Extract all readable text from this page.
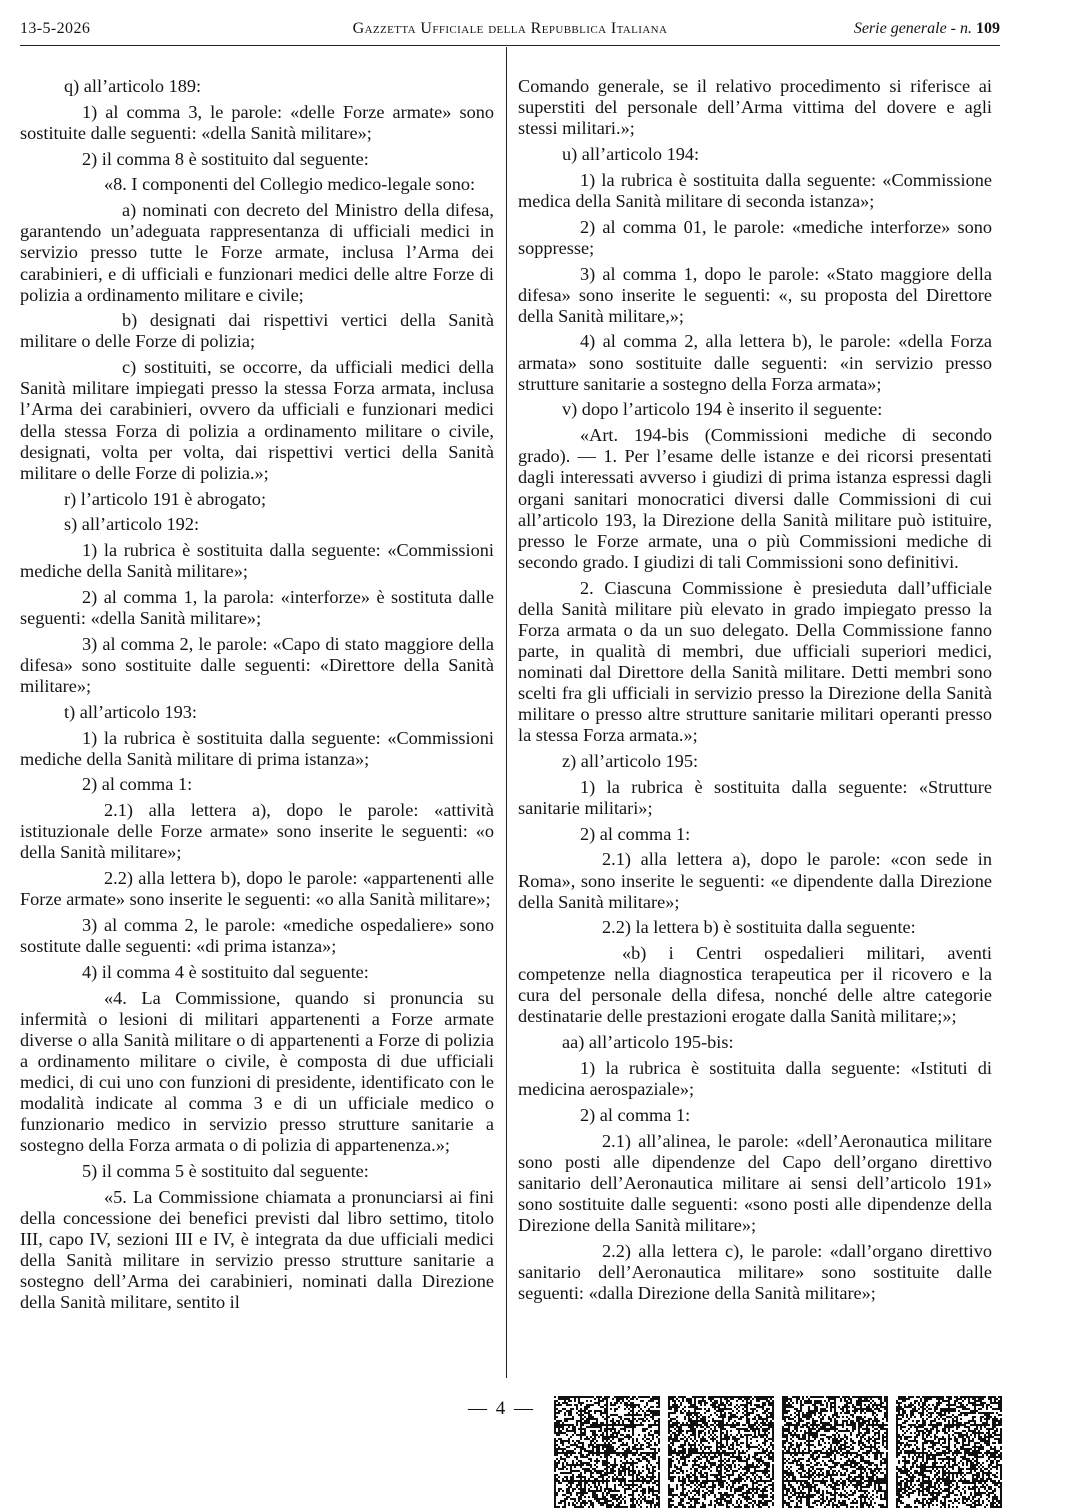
13-5-2026	Gazzetta Ufficiale della Repubblica Italiana	Serie generale - n. 109

q) all’articolo 189:

1) al comma 3, le parole: «delle Forze armate» sono sostituite dalle seguenti: «della Sanità militare»;

2) il comma 8 è sostituito dal seguente:

«8. I componenti del Collegio medico-legale sono:

a) nominati con decreto del Ministro della difesa, garantendo un’adeguata rappresentanza di ufficiali medici in servizio presso tutte le Forze armate, inclusa l’Arma dei carabinieri, e di ufficiali e funzionari medici delle altre Forze di polizia a ordinamento militare e civile;

b) designati dai rispettivi vertici della Sanità militare o delle Forze di polizia;

c) sostituiti, se occorre, da ufficiali medici della Sanità militare impiegati presso la stessa Forza armata, inclusa l’Arma dei carabinieri, ovvero da ufficiali e funzionari medici della stessa Forza di polizia a ordinamento militare o civile, designati, volta per volta, dai rispettivi vertici della Sanità militare o delle Forze di polizia.»;

r) l’articolo 191 è abrogato;

s) all’articolo 192:

1) la rubrica è sostituita dalla seguente: «Commissioni mediche della Sanità militare»;

2) al comma 1, la parola: «interforze» è sostituta dalle seguenti: «della Sanità militare»;

3) al comma 2, le parole: «Capo di stato maggiore della difesa» sono sostituite dalle seguenti: «Direttore della Sanità militare»;

t) all’articolo 193:

1) la rubrica è sostituita dalla seguente: «Commissioni mediche della Sanità militare di prima istanza»;

2) al comma 1:

2.1) alla lettera a), dopo le parole: «attività istituzionale delle Forze armate» sono inserite le seguenti: «o della Sanità militare»;

2.2) alla lettera b), dopo le parole: «appartenenti alle Forze armate» sono inserite le seguenti: «o alla Sanità militare»;

3) al comma 2, le parole: «mediche ospedaliere» sono sostitute dalle seguenti: «di prima istanza»;

4) il comma 4 è sostituito dal seguente:

«4. La Commissione, quando si pronuncia su infermità o lesioni di militari appartenenti a Forze armate diverse o alla Sanità militare o di appartenenti a Forze di polizia a ordinamento militare o civile, è composta di due ufficiali medici, di cui uno con funzioni di presidente, identificato con le modalità indicate al comma 3 e di un ufficiale medico o funzionario medico in servizio presso strutture sanitarie a sostegno della Forza armata o di polizia di appartenenza.»;

5) il comma 5 è sostituito dal seguente:

«5. La Commissione chiamata a pronunciarsi ai fini della concessione dei benefici previsti dal libro settimo, titolo III, capo IV, sezioni III e IV, è integrata da due ufficiali medici della Sanità militare in servizio presso strutture sanitarie a sostegno dell’Arma dei carabinieri, nominati dalla Direzione della Sanità militare, sentito il

Comando generale, se il relativo procedimento si riferisce ai superstiti del personale dell’Arma vittima del dovere e agli stessi militari.»;

u) all’articolo 194:

1) la rubrica è sostituita dalla seguente: «Commissione medica della Sanità militare di seconda istanza»;

2) al comma 01, le parole: «mediche interforze» sono soppresse;

3) al comma 1, dopo le parole: «Stato maggiore della difesa» sono inserite le seguenti: «, su proposta del Direttore della Sanità militare,»;

4) al comma 2, alla lettera b), le parole: «della Forza armata» sono sostituite dalle seguenti: «in servizio presso strutture sanitarie a sostegno della Forza armata»;

v) dopo l’articolo 194 è inserito il seguente:

«Art. 194-bis (Commissioni mediche di secondo grado). — 1. Per l’esame delle istanze e dei ricorsi presentati dagli interessati avverso i giudizi di prima istanza espressi dagli organi sanitari monocratici diversi dalle Commissioni di cui all’articolo 193, la Direzione della Sanità militare può istituire, presso le Forze armate, una o più Commissioni mediche di secondo grado. I giudizi di tali Commissioni sono definitivi.

2. Ciascuna Commissione è presieduta dall’ufficiale della Sanità militare più elevato in grado impiegato presso la Forza armata o da un suo delegato. Della Commissione fanno parte, in qualità di membri, due ufficiali superiori medici, nominati dal Direttore della Sanità militare. Detti membri sono scelti fra gli ufficiali in servizio presso la Direzione della Sanità militare o presso altre strutture sanitarie militari operanti presso la stessa Forza armata.»;

z) all’articolo 195:

1) la rubrica è sostituita dalla seguente: «Strutture sanitarie militari»;

2) al comma 1:

2.1) alla lettera a), dopo le parole: «con sede in Roma», sono inserite le seguenti: «e dipendente dalla Direzione della Sanità militare»;

2.2) la lettera b) è sostituita dalla seguente:

«b) i Centri ospedalieri militari, aventi competenze nella diagnostica terapeutica per il ricovero e la cura del personale della difesa, nonché delle altre categorie destinatarie delle prestazioni erogate dalla Sanità militare;»;

aa) all’articolo 195-bis:

1) la rubrica è sostituita dalla seguente: «Istituti di medicina aerospaziale»;

2) al comma 1:

2.1) all’alinea, le parole: «dell’Aeronautica militare sono posti alle dipendenze del Capo dell’organo direttivo sanitario dell’Aeronautica militare ai sensi dell’articolo 191» sono sostituite dalle seguenti: «sono posti alle dipendenze della Direzione della Sanità militare»;

2.2) alla lettera c), le parole: «dall’organo direttivo sanitario dell’Aeronautica militare» sono sostituite dalle seguenti: «dalla Direzione della Sanità militare»;

— 4 —
